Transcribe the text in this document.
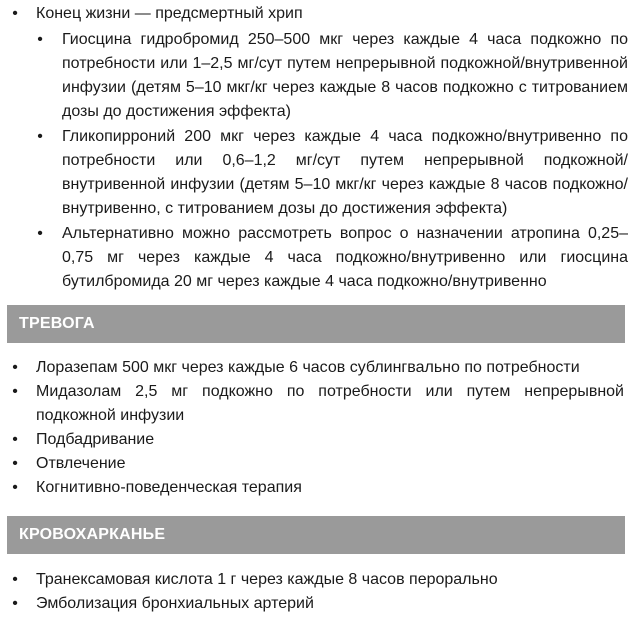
• Конец жизни — предсмертный хрип
• Гиосцина гидробромид 250–500 мкг через каждые 4 часа подкожно по потребности или 1–2,5 мг/сут путем непрерывной подкожной/внутривенной инфузии (детям 5–10 мкг/кг через каждые 8 часов подкожно с титрованием дозы до достижения эффекта)
• Гликопирроний 200 мкг через каждые 4 часа подкожно/внутривенно по потребности или 0,6–1,2 мг/сут путем непрерывной подкожной/внутривенной инфузии (детям 5–10 мкг/кг через каждые 8 часов подкожно/внутривенно, с титрованием дозы до достижения эффекта)
• Альтернативно можно рассмотреть вопрос о назначении атропина 0,25–0,75 мг через каждые 4 часа подкожно/внутривенно или гиосцина бутилбромида 20 мг через каждые 4 часа подкожно/внутривенно
ТРЕВОГА
• Лоразепам 500 мкг через каждые 6 часов сублингвально по потребности
• Мидазолам 2,5 мг подкожно по потребности или путем непрерывной подкожной инфузии
• Подбадривание
• Отвлечение
• Когнитивно-поведенческая терапия
КРОВОХАРКАНЬЕ
• Транексамовая кислота 1 г через каждые 8 часов перорально
• Эмболизация бронхиальных артерий
